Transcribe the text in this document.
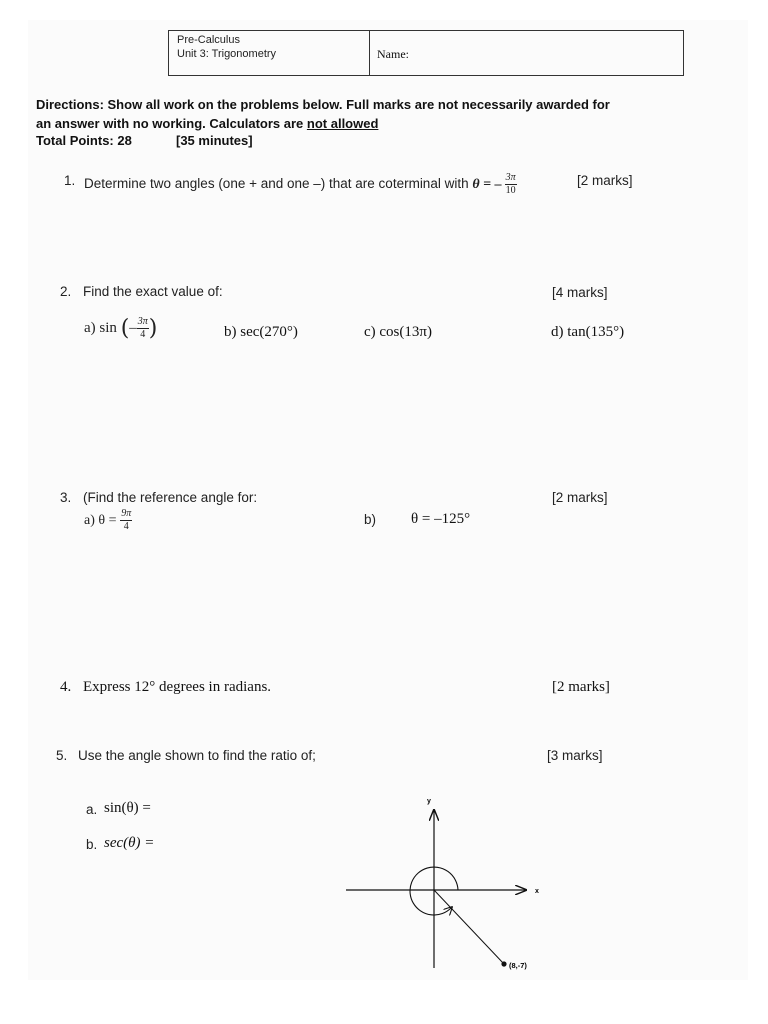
Pre-Calculus
Unit 3: Trigonometry	Name:
Directions: Show all work on the problems below. Full marks are not necessarily awarded for
an answer with no working. Calculators are not allowed
Total Points: 28	[35 minutes]
1. Determine two angles (one + and one –) that are coterminal with θ = – $\frac{3\pi}{10}$	[2 marks]
2. Find the exact value of:	[4 marks]
a) sin (– $\frac{3\pi}{4}$ )	b) sec(270°)	c) cos(13π)	d) tan(135°)
3. (Find the reference angle for:	[2 marks]
a) $\theta = \frac{9\pi}{4}$	b) θ = –125°
4. Express 12° degrees in radians.	[2 marks]
5. Use the angle shown to find the ratio of;	[3 marks]
a. sin(θ) =
b. sec(θ) =
x
y
(8,-7)
